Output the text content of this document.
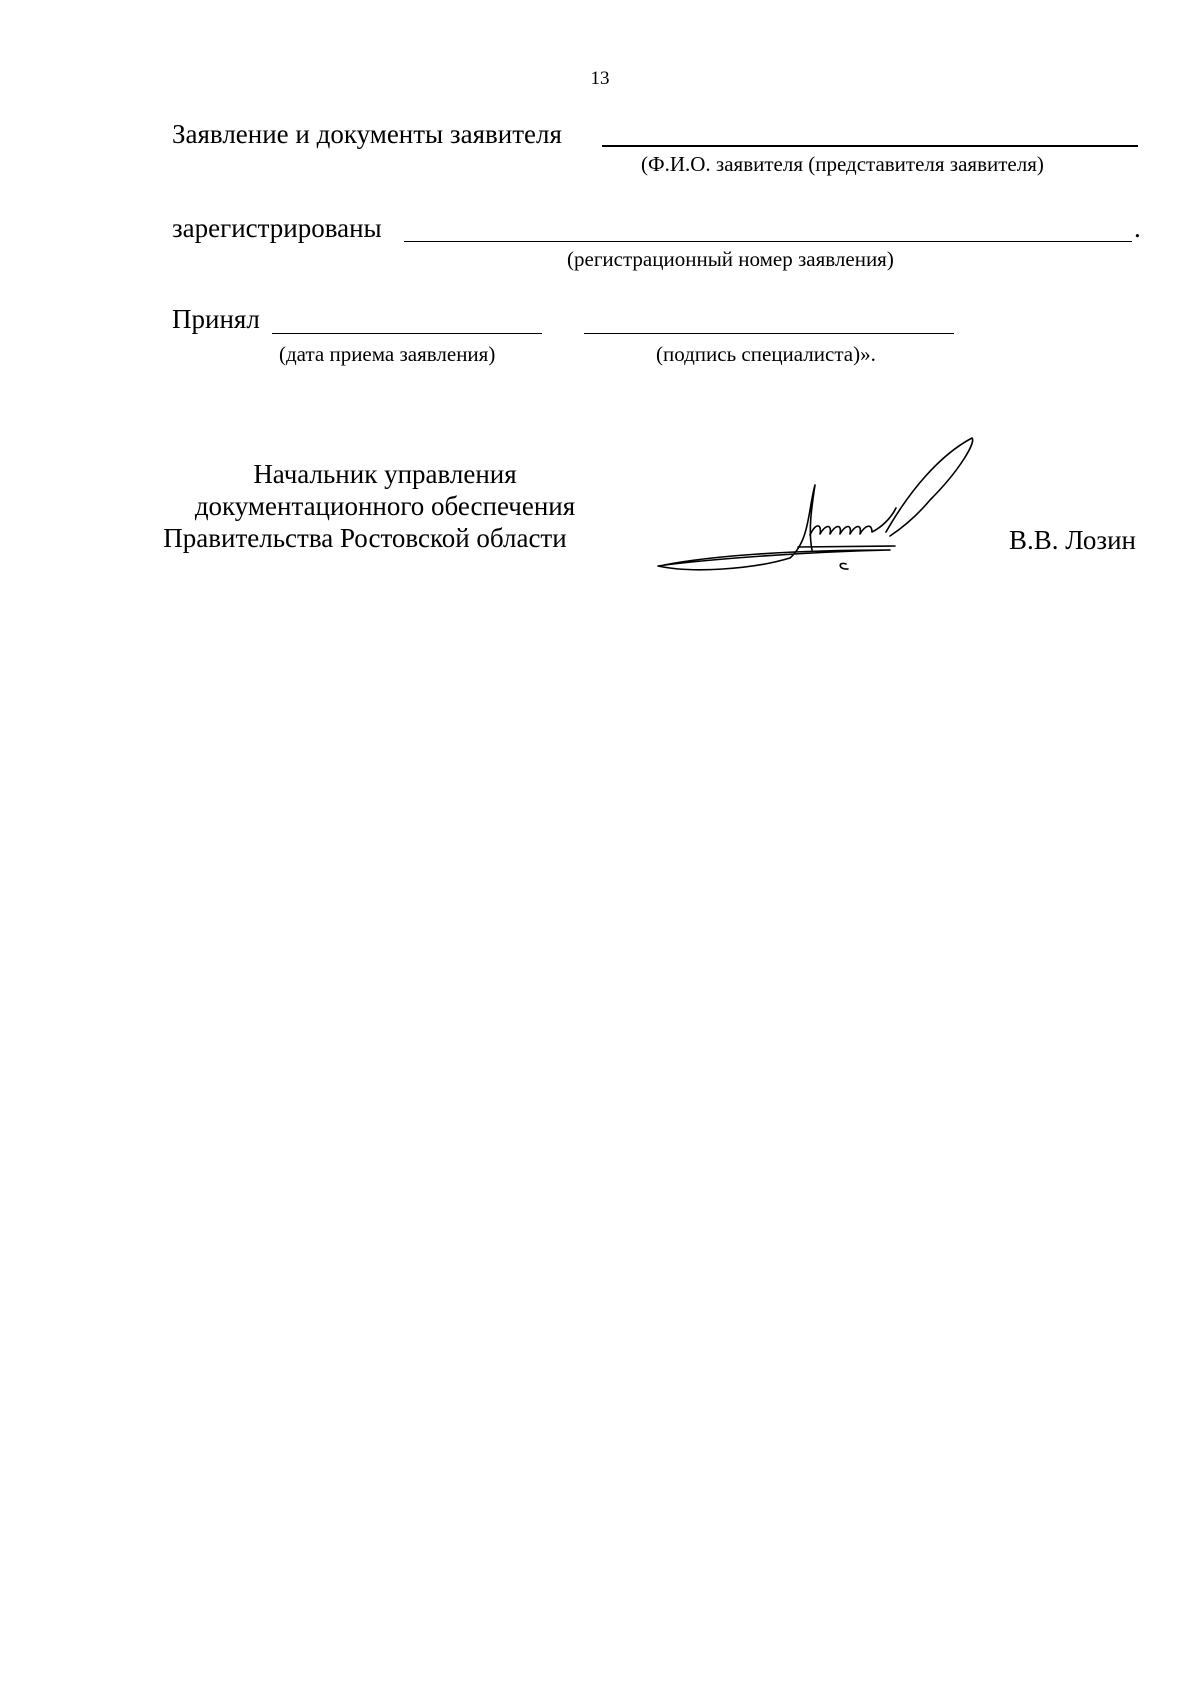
13
Заявление и документы заявителя
(Ф.И.О. заявителя (представителя заявителя)
зарегистрированы	.
(регистрационный номер заявления)
Принял
(дата приема заявления)	(подпись специалиста)».
Начальник управления
документационного обеспечения
Правительства Ростовской области	В.В. Лозин
